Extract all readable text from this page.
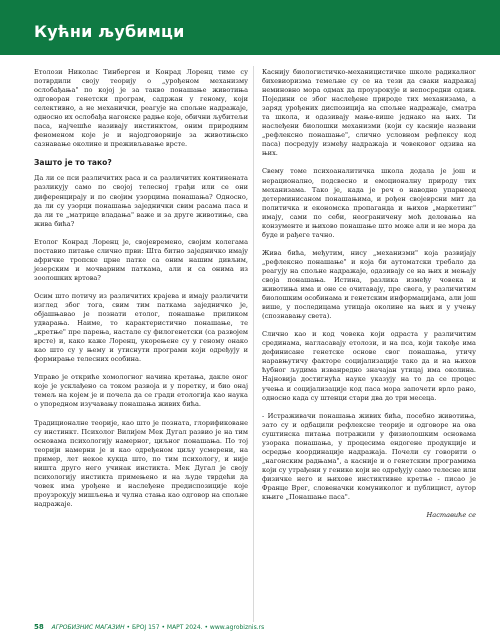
Кућни љубимци

Етолози Николас Тинберген и Конрад Лоренц тиме су потврдили своју теорију о „урођеном механизму ослобађања" по којој је за такво понашање животиња одговоран генетски програм, садржан у геному, који селективно, а не механички, реагује на спољне надражаје, односно их ослобађа нагонске радње које, обични љубитељи паса, најчешће називају инстинктом, оним природним феноменом које је и најодговорније за животињско сазнавање околине и преживљавање врсте.

Зашто је то тако?

Да ли се пси различитих раса и са различитих континената разликују само по својој телесној грађи или се они диференцирају и по својим узорцима понашања? Односно, да ли су узорци понашања заједнички свим расама паса и да ли те „матрице владања" важе и за друге животиње, сва жива бића?

Етолог Конрад Лоренц је, својевремено, својим колегама поставио питање слично први: Шта битно заједничко имају афричке тропске црне патке са оним нашим дивљим, језерским и мочварним паткама, али и са онима из зоолошких вртова?

Осим што потичу из различитих крајева и имају различити изглед због тога, свим тим паткама заједничко је, објашњавао је познати етолог, понашање приликом удварања. Наиме, то карактеристично понашање, те „кретње" пре парења, настале су филогенетски (са развојем врсте) и, како каже Лоренц, укорењене су у геному онако као што су у њему и утиснути програми који одређују и формирање телесних особина.

Управо је откриће хомологног начина кретања, дакле оног које је усклађено са током развоја и у поретку, и био онај темељ на којем је и почела да се гради етологија као наука о упоредном изучавању понашања живих бића.

Традиционалне теорије, као што је позната, глорификоване су инстинкт. Психолог Вилијем Мек Дугал развио је на тим основама психологију намерног, циљног понашања. По тој теорији намерни је и као одређеном циљу усмерени, на пример, лет некое кукца што, по тим психологу, и није ништа друго него учинак инстикта. Мек Дугал је своју психологију инстикта примењено и на људе тврдећи да човек има урођене и наслеђене предиспозиције које проузрокују мишљења и чулна стања као одговор на спољне надражаје.

Каснију биологистичко-механицистичке школе радикалног бихевиоризма темељне су се на тези да сваки надражај неминовно мора одмах да проузрокује и непосредни одзив. Поједини се због наслеђене природе тих механизама, а заряд урођених диспозиција на спољне надражаје, сматра та школа, и одазивају мање-више једнако на њих. Ти наслеђени биолошки механизми (који су касније названи „рефлексно понашање", слично условном рефлексу код паса) посредују између надражаја и човековог одзива на њих.

Свему томе психоаналитичка школа додала је још и нерационално, подсвесно и емоционалну природу тих механизама. Тако је, када је реч о наводно упарнеод детерминисаном понашањима, и рођен својеврсни мит да политичка и економска пропаганда и њихов „маркетинг" имају, сами по себи, неограничену моћ деловања на конзументе и њихово понашање што може али и не мора да буде и рађеге тачно.

Жива бића, међутим, нису „механизми" која развијају „рефлексно понашање" и која би аутоматски требало да реагују на спољне надражаје, одазивају се на њих и мењају своја понашања. Истина, разлика између човека и животиња има и оне се очитавају, пре свега, у различитим биолошким особинама и генетским информацијама, али још више, у последицама утицаја околине на њих и у учењу (спознавању света).

Слично као и код човека који одраста у различитим срединама, нагласавају етолози, и на пса, који такође има дефинисане генетске основе свог понашања, утичу наравњутичу факторе социјализације тако да и на њихов ћубног људима изванредно значајан утицај има околина. Најновија достигнућа науке указују на то да се процес учења и социјализације код паса мора започети врло рано, односно када су штенци стари два до три месеца.

- Истраживачи понашања живих бића, посебно животиња, зато су и одбацили рефлексне теорије и одговоре на ова суштинска питања потражили у физиолошким основама узорака понашања, у процесима ендогене продукције и осредње координације надражаја. Почели су говорити о „нагонским радњама", а касније и о генетским програмима који су утрађени у генике који не одређују само телесне или физичке него и њихове инстиктивне кретње - писао је Франце Врег, словеначки комуниколог и публицист, аутор књиге „Понашање паса".

Наставиће се

58 АГРОБИЗНИС МАГАЗИН • БРОЈ 157 • МАРТ 2024. • www.agrobiznis.rs
